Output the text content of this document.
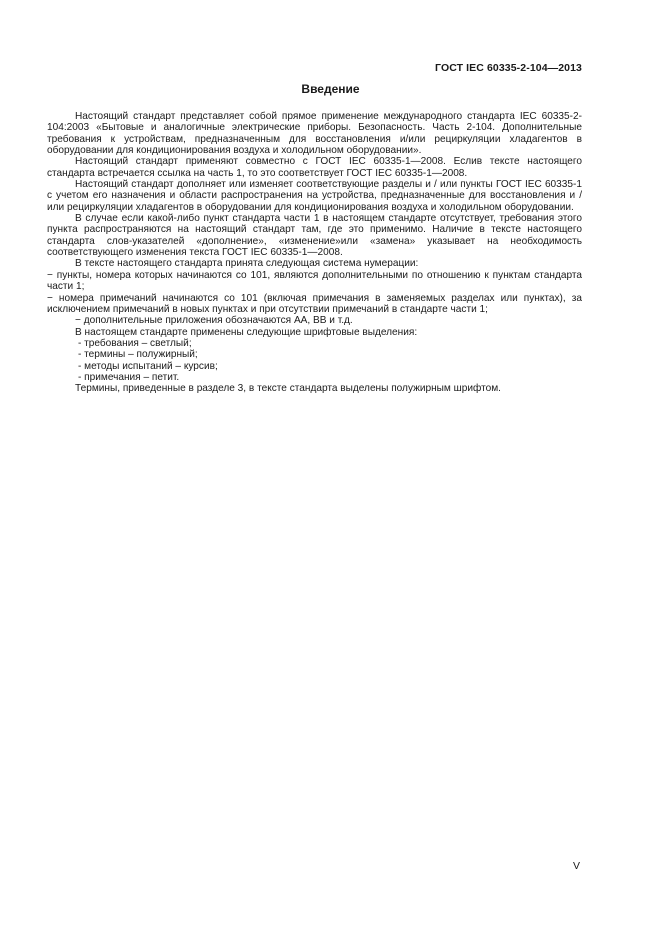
ГОСТ IEC 60335-2-104—2013
Введение

Настоящий стандарт представляет собой прямое применение международного стандарта IEC 60335-2-104:2003 «Бытовые и аналогичные электрические приборы. Безопасность. Часть 2-104. Дополнительные требования к устройствам, предназначенным для восстановления и/или рециркуляции хладагентов в оборудовании для кондиционирования воздуха и холодильном оборудовании».

Настоящий стандарт применяют совместно с ГОСТ IEC 60335-1—2008. Еслив тексте настоящего стандарта встречается ссылка на часть 1, то это соответствует ГОСТ IEC 60335-1—2008.

Настоящий стандарт дополняет или изменяет соответствующие разделы и / или пункты ГОСТ IEC 60335-1 с учетом его назначения и области распространения на устройства, предназначенные для восстановления и / или рециркуляции хладагентов в оборудовании для кондиционирования воздуха и холодильном оборудовании.

В случае если какой-либо пункт стандарта части 1 в настоящем стандарте отсутствует, требования этого пункта распространяются на настоящий стандарт там, где это применимо. Наличие в тексте настоящего стандарта слов-указателей «дополнение», «изменение»или «замена» указывает на необходимость соответствующего изменения текста ГОСТ IEC 60335-1—2008.

В тексте настоящего стандарта принята следующая система нумерации:

− пункты, номера которых начинаются со 101, являются дополнительными по отношению к пунктам стандарта части 1;

− номера примечаний начинаются со 101 (включая примечания в заменяемых разделах или пунктах), за исключением примечаний в новых пунктах и при отсутствии примечаний в стандарте части 1;

− дополнительные приложения обозначаются АА, ВВ и т.д.

В настоящем стандарте применены следующие шрифтовые выделения:

- требования – светлый;

- термины – полужирный;

- методы испытаний – курсив;

- примечания – петит.

Термины, приведенные в разделе 3, в тексте стандарта выделены полужирным шрифтом.

V
